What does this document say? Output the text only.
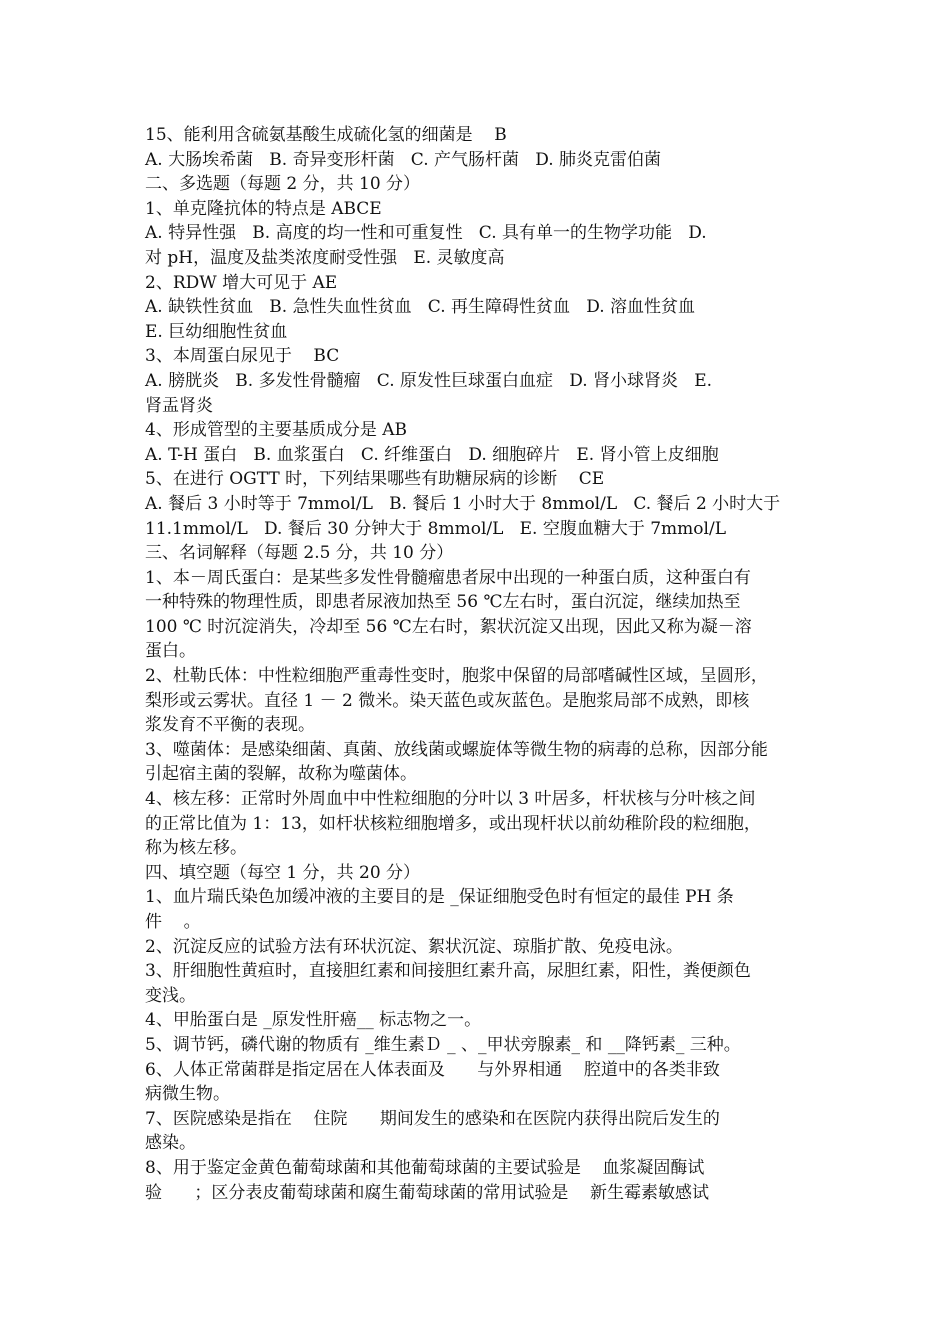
15、能利用含硫氨基酸生成硫化氢的细菌是    B
A. 大肠埃希菌   B. 奇异变形杆菌   C. 产气肠杆菌   D. 肺炎克雷伯菌
二、多选题（每题 2 分，共 10 分）
1、单克隆抗体的特点是 ABCE
A. 特异性强   B. 高度的均一性和可重复性   C. 具有单一的生物学功能   D.
对 pH，温度及盐类浓度耐受性强   E. 灵敏度高
2、RDW 增大可见于 AE
A. 缺铁性贫血   B. 急性失血性贫血   C. 再生障碍性贫血   D. 溶血性贫血
E. 巨幼细胞性贫血
3、本周蛋白尿见于    BC
A. 膀胱炎   B. 多发性骨髓瘤   C. 原发性巨球蛋白血症   D. 肾小球肾炎   E.
肾盂肾炎
4、形成管型的主要基质成分是 AB
A. T-H 蛋白   B. 血浆蛋白   C. 纤维蛋白   D. 细胞碎片   E. 肾小管上皮细胞
5、在进行 OGTT 时，下列结果哪些有助糖尿病的诊断    CE
A. 餐后 3 小时等于 7mmol/L   B. 餐后 1 小时大于 8mmol/L   C. 餐后 2 小时大于
11.1mmol/L   D. 餐后 30 分钟大于 8mmol/L   E. 空腹血糖大于 7mmol/L
三、名词解释（每题 2.5 分，共 10 分）
1、本－周氏蛋白：是某些多发性骨髓瘤患者尿中出现的一种蛋白质，这种蛋白有
一种特殊的物理性质，即患者尿液加热至 56 ℃左右时，蛋白沉淀，继续加热至
100 ℃ 时沉淀消失，冷却至 56 ℃左右时，絮状沉淀又出现，因此又称为凝－溶
蛋白。
2、杜勒氏体：中性粒细胞严重毒性变时，胞浆中保留的局部嗜碱性区域，呈圆形，
梨形或云雾状。直径 1 － 2 微米。染天蓝色或灰蓝色。是胞浆局部不成熟，即核
浆发育不平衡的表现。
3、噬菌体：是感染细菌、真菌、放线菌或螺旋体等微生物的病毒的总称，因部分能
引起宿主菌的裂解，故称为噬菌体。
4、核左移：正常时外周血中中性粒细胞的分叶以 3 叶居多，杆状核与分叶核之间
的正常比值为 1：13，如杆状核粒细胞增多，或出现杆状以前幼稚阶段的粒细胞，
称为核左移。
四、填空题（每空 1 分，共 20 分）
1、血片瑞氏染色加缓冲液的主要目的是 _保证细胞受色时有恒定的最佳 PH 条
件    。
2、沉淀反应的试验方法有环状沉淀、絮状沉淀、琼脂扩散、免疫电泳。
3、肝细胞性黄疸时，直接胆红素和间接胆红素升高，尿胆红素，阳性，粪便颜色
变浅。
4、甲胎蛋白是 _原发性肝癌__ 标志物之一。
5、调节钙，磷代谢的物质有 _维生素Ｄ _ 、_甲状旁腺素_ 和 __降钙素_ 三种。
6、人体正常菌群是指定居在人体表面及      与外界相通    腔道中的各类非致
病微生物。
7、医院感染是指在    住院      期间发生的感染和在医院内获得出院后发生的
感染。
8、用于鉴定金黄色葡萄球菌和其他葡萄球菌的主要试验是    血浆凝固酶试
验      ；区分表皮葡萄球菌和腐生葡萄球菌的常用试验是    新生霉素敏感试
